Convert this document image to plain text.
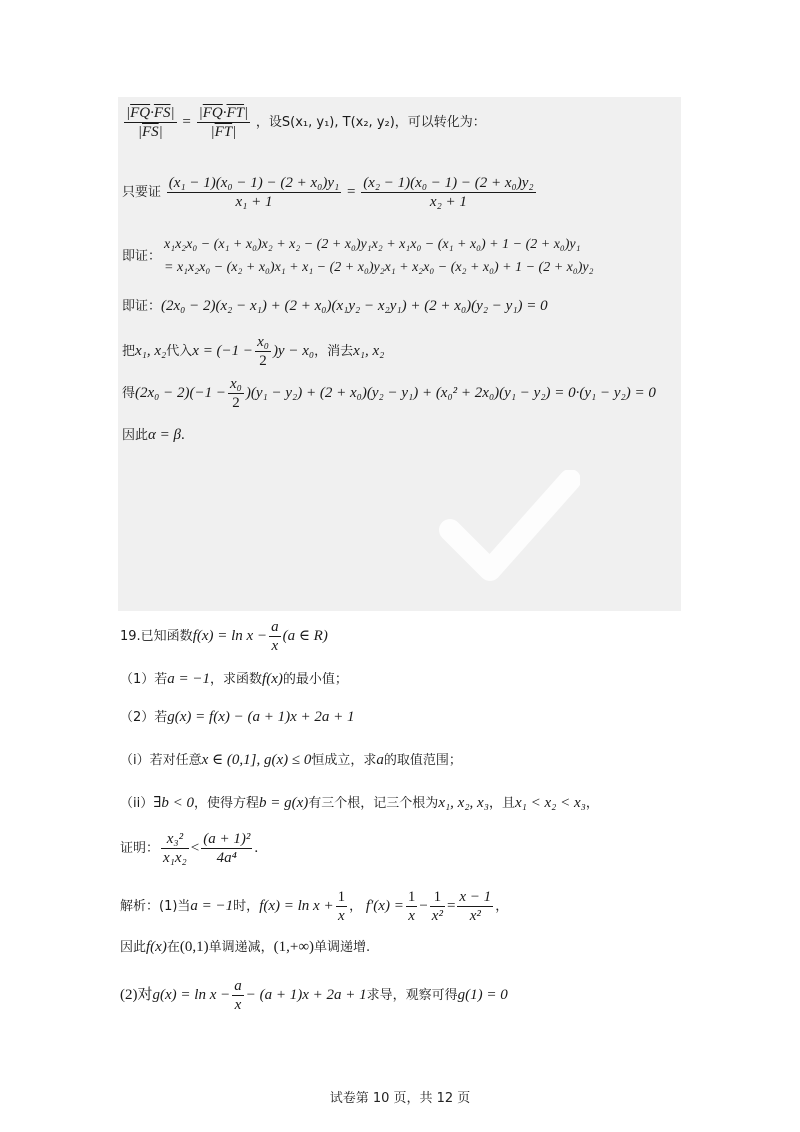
$\frac{|\overline{FQ}\cdot\overline{FS}|}{|\overline{FS}|} = \frac{|\overline{FQ}\cdot\overline{FT}|}{|\overline{FT}|}$ ，设S(x₁, y₁), T(x₂, y₂)，可以转化为：
只要证 $\frac{\text{(x₁ − 1)(x₀ − 1) − (2 + x₀)y₁}}{\text{x₁ + 1}} = \frac{\text{(x₂ − 1)(x₀ − 1) − (2 + x₀)y₂}}{\text{x₂ + 1}}$
即证：
x₁x₂x₀ − (x₁ + x₀)x₂ + x₂ − (2 + x₀)y₁x₂ + x₁x₀ − (x₁ + x₀) + 1 − (2 + x₀)y₁
= x₁x₂x₀ − (x₂ + x₀)x₁ + x₁ − (2 + x₀)y₂x₁ + x₂x₀ − (x₂ + x₀) + 1 − (2 + x₀)y₂
即证：(2x₀ − 2)(x₂ − x₁) + (2 + x₀)(x₁y₂ − x₂y₁) + (2 + x₀)(y₂ − y₁) = 0
把x₁, x₂代入$x = (-1 - \frac{\text{x₀}}{2} )y - x_0$，消去x₁, x₂
得$(2x_0 - 2)(-1 - \frac{\text{x₀}}{2} )(y_1 - y_2) + (2 + x_0)(y_2 - y_1) + (x_0^2 + 2x_0)(y_1 - y_2) = 0\cdot(y_1 - y_2) = 0$
因此α = β.
19.已知函数$f(x) = \ln x - \frac{a}{x} (a$ ∈ R)
（1）若a = −1，求函数f(x)的最小值；
（2）若g(x) = f(x) − (a + 1)x + 2a + 1
（i）若对任意x ∈ (0,1], g(x) ≤ 0恒成立，求a的取值范围；
（ii）∃b < 0，使得方程b = g(x)有三个根，记三个根为x₁, x₂, x₃，且x₁ < x₂ < x₃，
证明： $\frac{\text{x₃²}}{\text{x₁x₂}} < \frac{\text{(a + 1)²}}{\text{4a⁴}}$ .
解析：(1)当a = −1时，$f(x) = \ln x + \frac{1}{x}$ ， $f'(x) = \frac{1}{x} - \frac{1}{\text{x²}} = \frac{x - 1}{\text{x²}}$ ，
因此f(x)在(0,1)单调递减，(1,+∞)单调递增.
(2)对$g(x) = \ln x - \frac{a}{x} - (a + 1)x + 2a + 1$求导，观察可得g(1) = 0
试卷第 10 页，共 12 页
